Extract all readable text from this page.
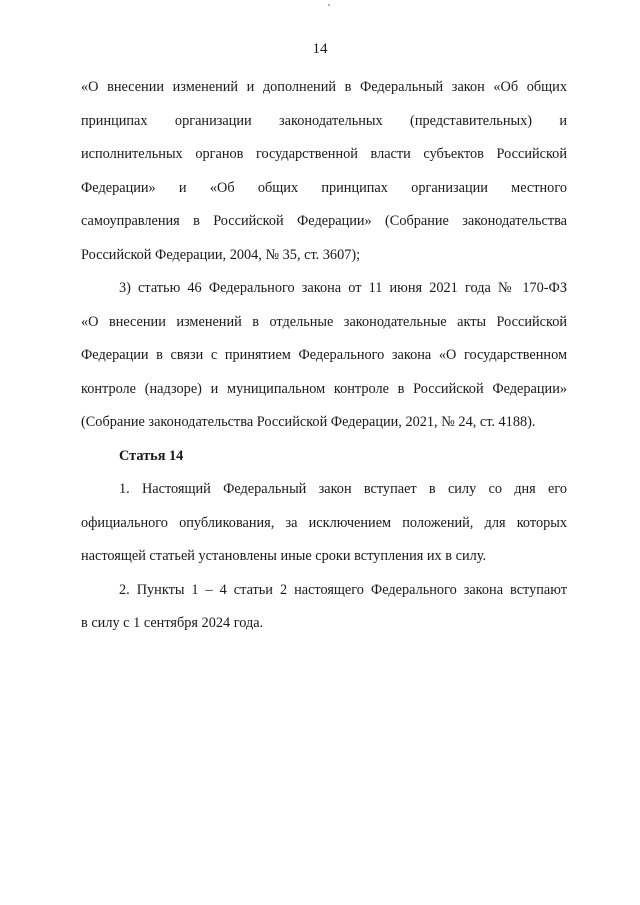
14
«О внесении изменений и дополнений в Федеральный закон «Об общих
принципах организации законодательных (представительных) и
исполнительных органов государственной власти субъектов Российской
Федерации» и «Об общих принципах организации местного
самоуправления в Российской Федерации» (Собрание законодательства
Российской Федерации, 2004, № 35, ст. 3607);
3) статью 46 Федерального закона от 11 июня 2021 года № 170-ФЗ
«О внесении изменений в отдельные законодательные акты Российской
Федерации в связи с принятием Федерального закона «О государственном
контроле (надзоре) и муниципальном контроле в Российской Федерации»
(Собрание законодательства Российской Федерации, 2021, № 24, ст. 4188).
Статья 14
1. Настоящий Федеральный закон вступает в силу со дня его
официального опубликования, за исключением положений, для которых
настоящей статьей установлены иные сроки вступления их в силу.
2. Пункты 1 – 4 статьи 2 настоящего Федерального закона вступают
в силу с 1 сентября 2024 года.
